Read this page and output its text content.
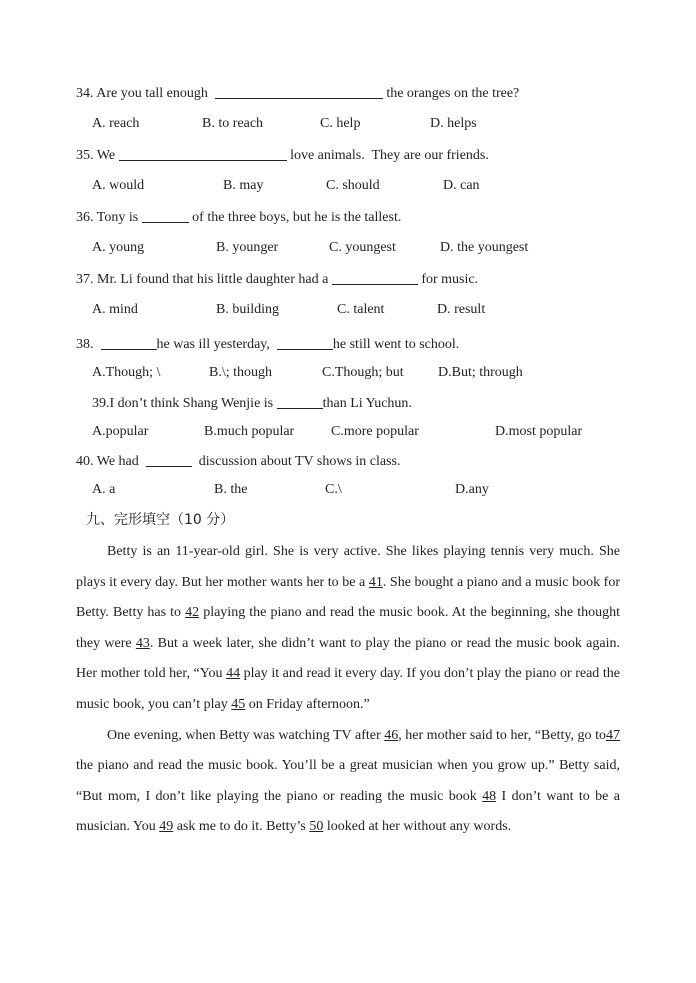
34. Are you tall enough	the oranges on the tree?
A. reach	B. to reach	C. help	D. helps
35. We	love animals.  They are our friends.
A. would	B. may	C. should	D. can
36. Tony is	of the three boys, but he is the tallest.
A. young	B. younger	C. youngest	D. the youngest
37. Mr. Li found that his little daughter had a	for music.
A. mind	B. building	C. talent	D. result
38.	he was ill yesterday,	he still went to school.
A.Though; \	B.\; though	C.Though; but D.But; through
39.I don’t think Shang Wenjie is	than Li Yuchun.
A.popular	B.much popular	C.more popular	D.most popular
40. We had	discussion about TV shows in class.
A. a	B. the	C.\	D.any
九、完形填空（10 分）

Betty is an 11-year-old girl. She is very active. She likes playing tennis very much. She plays it every day. But her mother wants her to be a 41. She bought a piano and a music book for Betty. Betty has to 42 playing the piano and read the music book. At the beginning, she thought they were 43. But a week later, she didn’t want to play the piano or read the music book again. Her mother told her, “You 44 play it and read it every day. If you don’t play the piano or read the music book, you can’t play 45 on Friday afternoon.”

One evening, when Betty was watching TV after 46, her mother said to her, “Betty, go to47 the piano and read the music book. You’ll be a great musician when you grow up.” Betty said, “But mom, I don’t like playing the piano or reading the music book 48 I don’t want to be a musician. You 49 ask me to do it. Betty’s 50 looked at her without any words.
